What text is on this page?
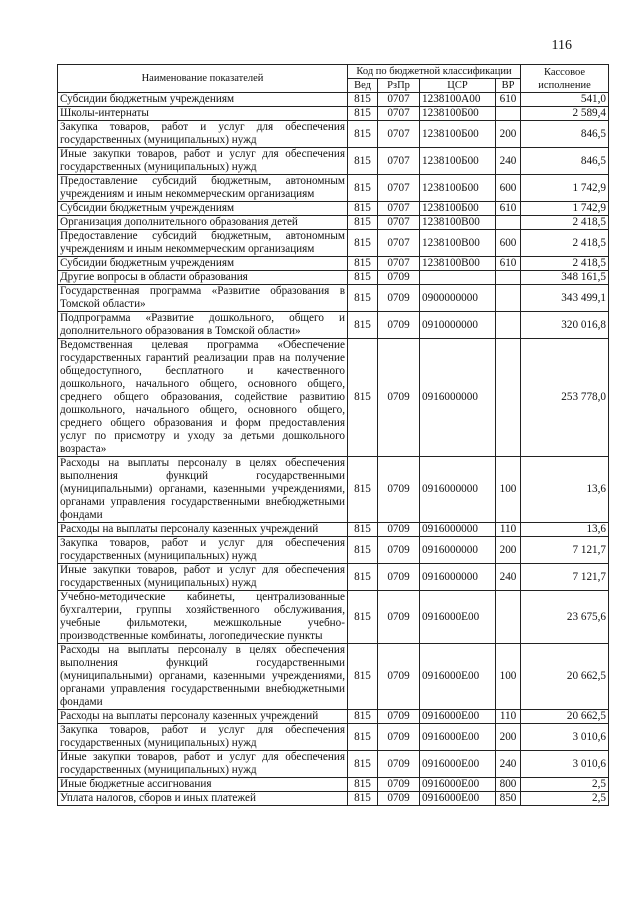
116
Наименование показателей	Код по бюджетной классификации				Кассовое исполнение
	Вед	РзПр	ЦСР	ВР	
Субсидии бюджетным учреждениям	815	0707	1238100А00	610	541,0
Школы-интернаты	815	0707	1238100Б00		2 589,4
Закупка товаров, работ и услуг для обеспечения государственных (муниципальных) нужд	815	0707	1238100Б00	200	846,5
Иные закупки товаров, работ и услуг для обеспечения государственных (муниципальных) нужд	815	0707	1238100Б00	240	846,5
Предоставление субсидий бюджетным, автономным учреждениям и иным некоммерческим организациям	815	0707	1238100Б00	600	1 742,9
Субсидии бюджетным учреждениям	815	0707	1238100Б00	610	1 742,9
Организация дополнительного образования детей	815	0707	1238100В00		2 418,5
Предоставление субсидий бюджетным, автономным учреждениям и иным некоммерческим организациям	815	0707	1238100В00	600	2 418,5
Субсидии бюджетным учреждениям	815	0707	1238100В00	610	2 418,5
Другие вопросы в области образования	815	0709			348 161,5
Государственная программа «Развитие образования в Томской области»	815	0709	0900000000		343 499,1
Подпрограмма «Развитие дошкольного, общего и дополнительного образования в Томской области»	815	0709	0910000000		320 016,8
Ведомственная целевая программа «Обеспечение государственных гарантий реализации прав на получение общедоступного, бесплатного и качественного дошкольного, начального общего, основного общего, среднего общего образования, содействие развитию дошкольного, начального общего, основного общего, среднего общего образования и форм предоставления услуг по присмотру и уходу за детьми дошкольного возраста»	815	0709	0916000000		253 778,0
Расходы на выплаты персоналу в целях обеспечения выполнения функций государственными (муниципальными) органами, казенными учреждениями, органами управления государственными внебюджетными фондами	815	0709	0916000000	100	13,6
Расходы на выплаты персоналу казенных учреждений	815	0709	0916000000	110	13,6
Закупка товаров, работ и услуг для обеспечения государственных (муниципальных) нужд	815	0709	0916000000	200	7 121,7
Иные закупки товаров, работ и услуг для обеспечения государственных (муниципальных) нужд	815	0709	0916000000	240	7 121,7
Учебно-методические кабинеты, централизованные бухгалтерии, группы хозяйственного обслуживания, учебные фильмотеки, межшкольные учебно-производственные комбинаты, логопедические пункты	815	0709	0916000Е00		23 675,6
Расходы на выплаты персоналу в целях обеспечения выполнения функций государственными (муниципальными) органами, казенными учреждениями, органами управления государственными внебюджетными фондами	815	0709	0916000Е00	100	20 662,5
Расходы на выплаты персоналу казенных учреждений	815	0709	0916000Е00	110	20 662,5
Закупка товаров, работ и услуг для обеспечения государственных (муниципальных) нужд	815	0709	0916000Е00	200	3 010,6
Иные закупки товаров, работ и услуг для обеспечения государственных (муниципальных) нужд	815	0709	0916000Е00	240	3 010,6
Иные бюджетные ассигнования	815	0709	0916000Е00	800	2,5
Уплата налогов, сборов и иных платежей	815	0709	0916000Е00	850	2,5
